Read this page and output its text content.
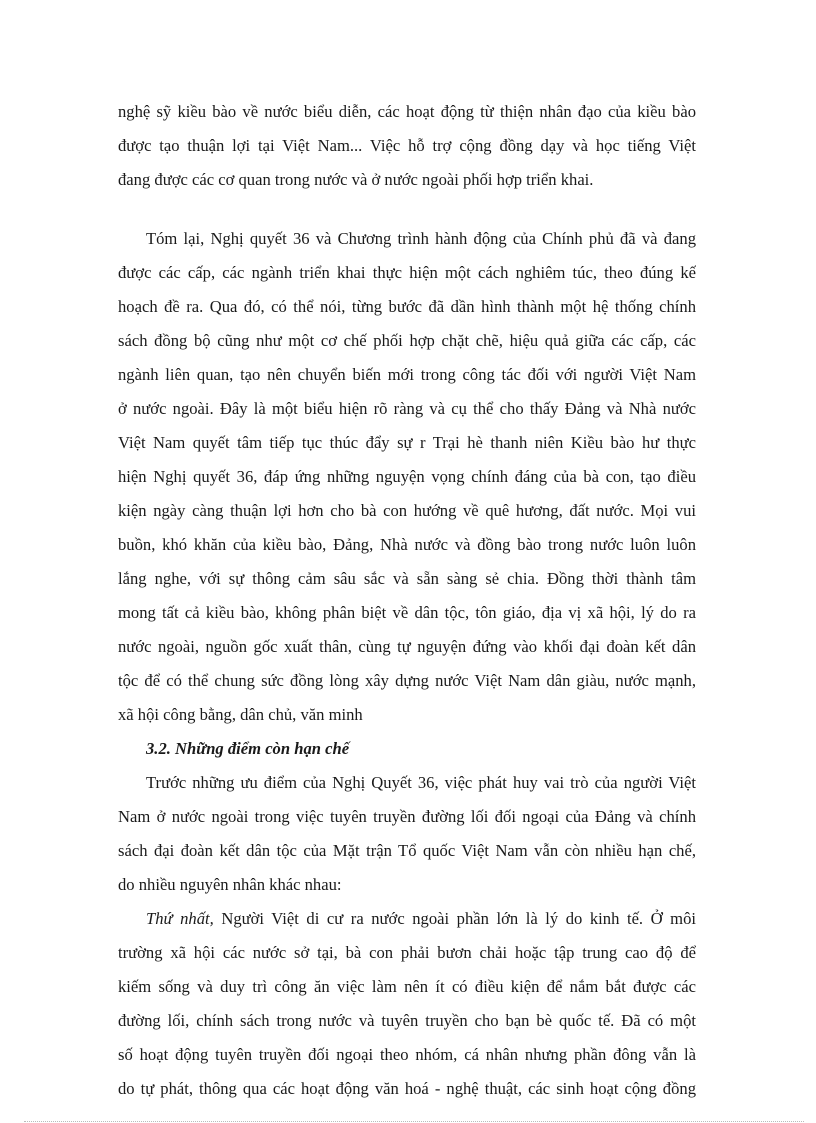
nghệ sỹ kiều bào về nước biểu diễn, các hoạt động từ thiện nhân đạo của kiều bào
được tạo thuận lợi tại Việt Nam... Việc hỗ trợ cộng đồng dạy và học tiếng Việt
đang được các cơ quan trong nước và ở nước ngoài phối hợp triển khai.
Tóm lại, Nghị quyết 36 và Chương trình hành động của Chính phủ đã và đang
được các cấp, các ngành triển khai thực hiện một cách nghiêm túc, theo đúng kế
hoạch đề ra. Qua đó, có thể nói, từng bước đã dần hình thành một hệ thống chính
sách đồng bộ cũng như một cơ chế phối hợp chặt chẽ, hiệu quả giữa các cấp, các
ngành liên quan, tạo nên chuyển biến mới trong công tác đối với người Việt Nam
ở nước ngoài. Đây là một biểu hiện rõ ràng và cụ thể cho thấy Đảng và Nhà nước
Việt Nam quyết tâm tiếp tục thúc đẩy sự r Trại hè thanh niên Kiều bào hư thực
hiện Nghị quyết 36, đáp ứng những nguyện vọng chính đáng của bà con, tạo điều
kiện ngày càng thuận lợi hơn cho bà con hướng về quê hương, đất nước. Mọi vui
buồn, khó khăn của kiều bào, Đảng, Nhà nước và đồng bào trong nước luôn luôn
lắng nghe, với sự thông cảm sâu sắc và sẵn sàng sẻ chia. Đồng thời thành tâm
mong tất cả kiều bào, không phân biệt về dân tộc, tôn giáo, địa vị xã hội, lý do ra
nước ngoài, nguồn gốc xuất thân, cùng tự nguyện đứng vào khối đại đoàn kết dân
tộc để có thể chung sức đồng lòng xây dựng nước Việt Nam dân giàu, nước mạnh,
xã hội công bằng, dân chủ, văn minh
3.2. Những điểm còn hạn chế
Trước những ưu điểm của Nghị Quyết 36, việc phát huy vai trò của người Việt
Nam ở nước ngoài trong việc tuyên truyền đường lối đối ngoại của Đảng và chính
sách đại đoàn kết dân tộc của Mặt trận Tổ quốc Việt Nam vẫn còn nhiều hạn chế,
do nhiều nguyên nhân khác nhau:
Thứ nhất, Người Việt di cư ra nước ngoài phần lớn là lý do kinh tế. Ở môi
trường xã hội các nước sở tại, bà con phải bươn chải hoặc tập trung cao độ để
kiếm sống và duy trì công ăn việc làm nên ít có điều kiện để nắm bắt được các
đường lối, chính sách trong nước và tuyên truyền cho bạn bè quốc tế. Đã có một
số hoạt động tuyên truyền đối ngoại theo nhóm, cá nhân nhưng phần đông vẫn là
do tự phát, thông qua các hoạt động văn hoá - nghệ thuật, các sinh hoạt cộng đồng
